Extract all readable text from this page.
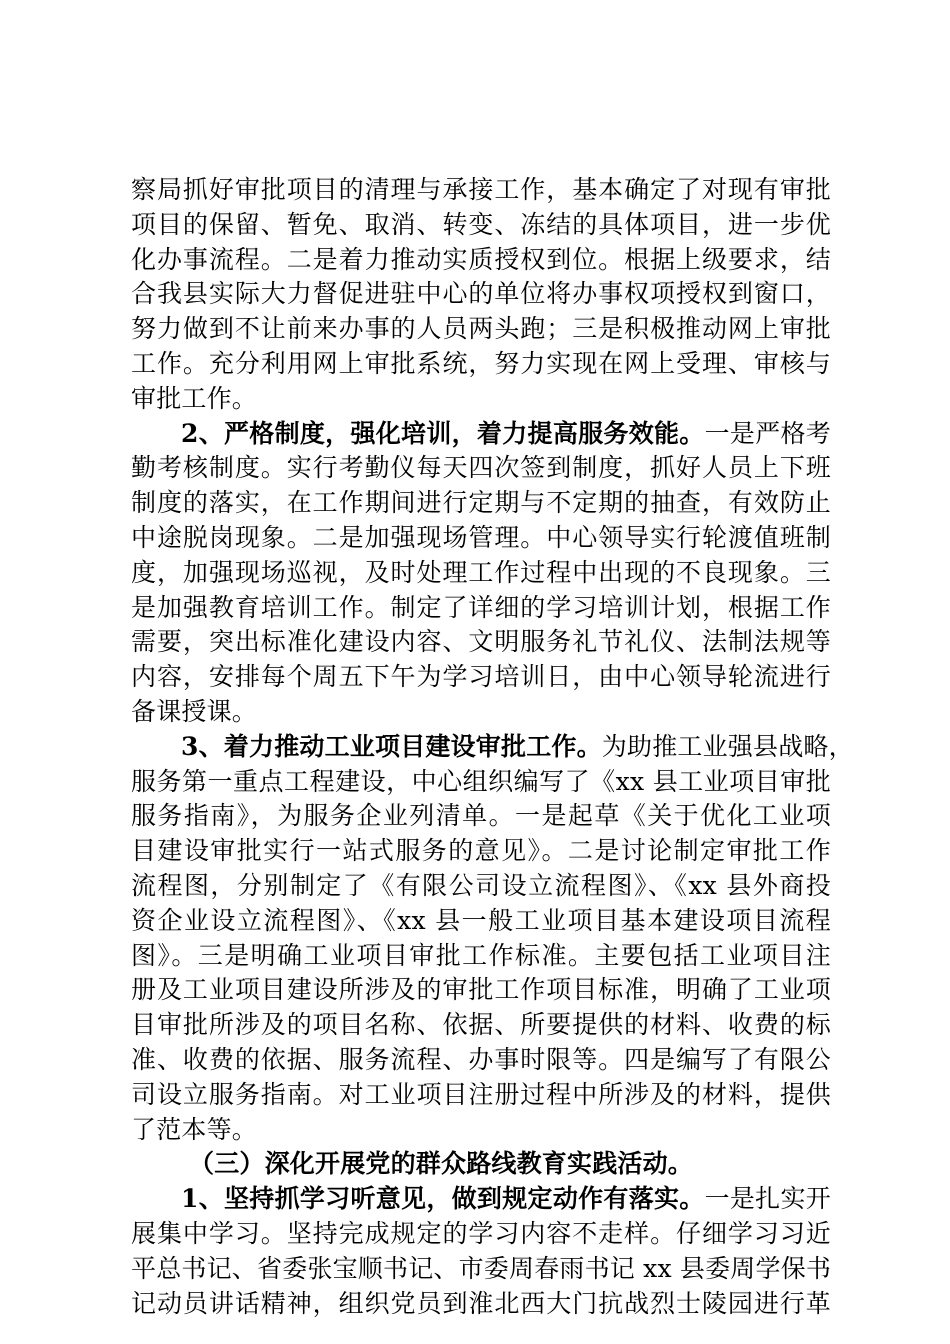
察局抓好审批项目的清理与承接工作，基本确定了对现有审批
项目的保留、暂免、取消、转变、冻结的具体项目，进一步优
化办事流程。二是着力推动实质授权到位。根据上级要求，结
合我县实际大力督促进驻中心的单位将办事权项授权到窗口，
努力做到不让前来办事的人员两头跑；三是积极推动网上审批
工作。充分利用网上审批系统，努力实现在网上受理、审核与
审批工作。
2、严格制度，强化培训，着力提高服务效能。一是严格考
勤考核制度。实行考勤仪每天四次签到制度，抓好人员上下班
制度的落实，在工作期间进行定期与不定期的抽查，有效防止
中途脱岗现象。二是加强现场管理。中心领导实行轮渡值班制
度，加强现场巡视，及时处理工作过程中出现的不良现象。三
是加强教育培训工作。制定了详细的学习培训计划，根据工作
需要，突出标准化建设内容、文明服务礼节礼仪、法制法规等
内容，安排每个周五下午为学习培训日，由中心领导轮流进行
备课授课。
3、着力推动工业项目建设审批工作。为助推工业强县战略，
服务第一重点工程建设，中心组织编写了《xx 县工业项目审批
服务指南》，为服务企业列清单。一是起草《关于优化工业项
目建设审批实行一站式服务的意见》。二是讨论制定审批工作
流程图，分别制定了《有限公司设立流程图》、《xx 县外商投
资企业设立流程图》、《xx 县一般工业项目基本建设项目流程
图》。三是明确工业项目审批工作标准。主要包括工业项目注
册及工业项目建设所涉及的审批工作项目标准，明确了工业项
目审批所涉及的项目名称、依据、所要提供的材料、收费的标
准、收费的依据、服务流程、办事时限等。四是编写了有限公
司设立服务指南。对工业项目注册过程中所涉及的材料，提供
了范本等。
（三）深化开展党的群众路线教育实践活动。
1、坚持抓学习听意见，做到规定动作有落实。一是扎实开
展集中学习。坚持完成规定的学习内容不走样。仔细学习习近
平总书记、省委张宝顺书记、市委周春雨书记 xx 县委周学保书
记动员讲话精神，组织党员到淮北西大门抗战烈士陵园进行革
